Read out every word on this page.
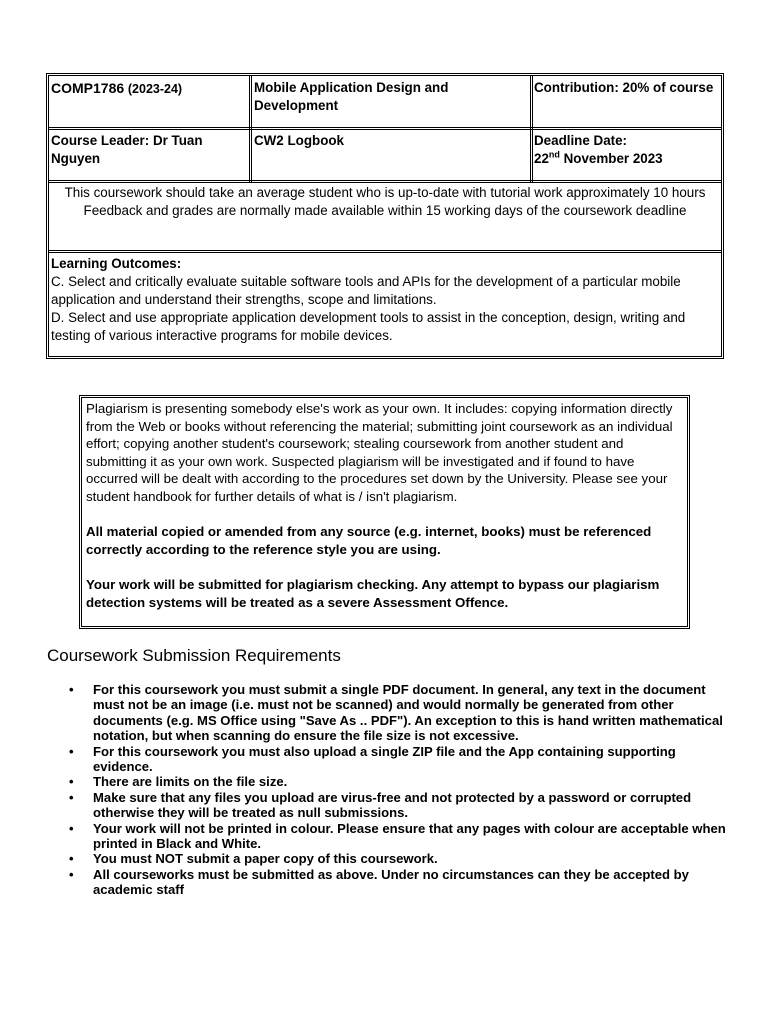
COMP1786 (2023-24)	Mobile Application Design and Development
Contribution: 20% of course
Course Leader: Dr Tuan Nguyen
CW2 Logbook	Deadline Date:
22nd November 2023
This coursework should take an average student who is up-to-date with tutorial work approximately 10 hours
Feedback and grades are normally made available within 15 working days of the coursework deadline
Learning Outcomes:
C. Select and critically evaluate suitable software tools and APIs for the development of a particular mobile application and understand their strengths, scope and limitations.
D. Select and use appropriate application development tools to assist in the conception, design, writing and testing of various interactive programs for mobile devices.

Plagiarism is presenting somebody else's work as your own. It includes: copying information directly from the Web or books without referencing the material; submitting joint coursework as an individual effort; copying another student's coursework; stealing coursework from another student and submitting it as your own work. Suspected plagiarism will be investigated and if found to have occurred will be dealt with according to the procedures set down by the University. Please see your student handbook for further details of what is / isn't plagiarism.

All material copied or amended from any source (e.g. internet, books) must be referenced correctly according to the reference style you are using.

Your work will be submitted for plagiarism checking. Any attempt to bypass our plagiarism detection systems will be treated as a severe Assessment Offence.

Coursework Submission Requirements
• For this coursework you must submit a single PDF document. In general, any text in the document must not be an image (i.e. must not be scanned) and would normally be generated from other documents (e.g. MS Office using "Save As .. PDF"). An exception to this is hand written mathematical notation, but when scanning do ensure the file size is not excessive.
• For this coursework you must also upload a single ZIP file and the App containing supporting evidence.
• There are limits on the file size.
• Make sure that any files you upload are virus-free and not protected by a password or corrupted otherwise they will be treated as null submissions.
• Your work will not be printed in colour. Please ensure that any pages with colour are acceptable when printed in Black and White.
• You must NOT submit a paper copy of this coursework.
• All courseworks must be submitted as above. Under no circumstances can they be accepted by academic staff
